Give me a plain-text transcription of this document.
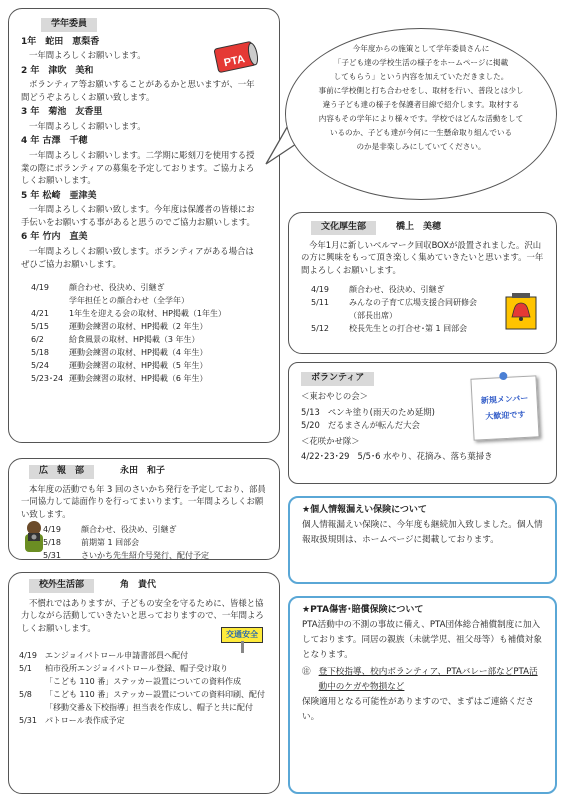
学年委員
PTA
1年　蛇田　恵梨香
一年間よろしくお願いします。
2 年　津吹　美和
ボランティア等お願いすることがあるかと思いますが、一年間どうぞよろしくお願い致します。
3 年　菊池　友香里
一年間よろしくお願いします。
4 年 古澤　千穂
一年間よろしくお願いします。二学期に彫刻刀を使用する授業の際にボランティアの募集を予定しております。ご協力よろしくお願いします。
5 年 松崎　亜津美
一年間よろしくお願い致します。今年度は保護者の皆様にお手伝いをお願いする事があると思うのでご協力お願いします。
6 年 竹内　直美
一年間よろしくお願い致します。ボランティアがある場合はぜひご協力お願いします。
4/19	顔合わせ、役決め、引継ぎ
	学年担任との顔合わせ（全学年）
4/21	1年生を迎える会の取材、HP掲載（1年生）
5/15	運動会練習の取材、HP掲載（2 年生）
6/2	給食風景の取材、HP掲載（3 年生）
5/18	運動会練習の取材、HP掲載（4 年生）
5/24	運動会練習の取材、HP掲載（5 年生）
5/23･24	運動会練習の取材、HP掲載（6 年生）
今年度からの施策として学年委員さんに
「子ども達の学校生活の様子をホームページに掲載
してもらう」という内容を加えていただきました。
事前に学校側と打ち合わせをし、取材を行い、普段とは少し
違う子ども達の様子を保護者目線で紹介します。取材する
内容もその学年により様々です。学校ではどんな活動をして
いるのか、子ども達が今何に一生懸命取り組んでいる
のか是非楽しみにしていてください。
文化厚生部	橋上　美穂
今年1月に新しいベルマーク回収BOXが設置されました。沢山の方に興味をもって頂き楽しく集めていきたいと思います。一年間よろしくお願いします。
4/19	顔合わせ、役決め、引継ぎ
5/11	みんなの子育て広場支援合同研修会
	（部長出席）
5/12	校長先生との打合せ･第 1 回部会
ボランティア
＜東おやじの会＞
5/13 ペンキ塗り(雨天のため延期)
5/20 だるまさんが転んだ大会
＜花咲かせ隊＞
4/22･23･29 5/5･6 水やり、花摘み、落ち葉掃き
新規メンバー
大歓迎です
広　報　部	永田　和子
本年度の活動でも年 3 回のさいかち発行を予定しており、部員一同協力して誌面作りを行ってまいります。一年間よろしくお願い致します。
4/19	顔合わせ、役決め、引継ぎ
5/18	前期第 1 回部会
5/31	さいかち先生紹介号発行、配付予定
校外生活部	角　貴代
不慣れではありますが、子どもの安全を守るために、皆様と協力しながら活動していきたいと思っておりますので、一年間よろしくお願いします。
交通安全
4/19	エンジョイパトロール申請書部員へ配付
5/1	柏市役所エンジョイパトロール登録、帽子受け取り
	「こども 110 番」ステッカー設置についての資料作成
5/8	「こども 110 番」ステッカー設置についての資料印刷、配付
	「移動交番＆下校指導」担当表を作成し、帽子と共に配付
5/31	パトロール表作成予定
★個人情報漏えい保険について
個人情報漏えい保険に、今年度も継続加入致しました。個人情報取扱規則は、ホームページに掲載しております。
★PTA傷害･賠償保険について
PTA活動中の不測の事故に備え、PTA団体総合補償制度に加入しております。同居の親族（未就学児、祖父母等）も補償対象となります。
㊟ 登下校指導、校内ボランティア、PTAバレー部などPTA活動中のケガや物損など
保険適用となる可能性がありますので、まずはご連絡ください。
